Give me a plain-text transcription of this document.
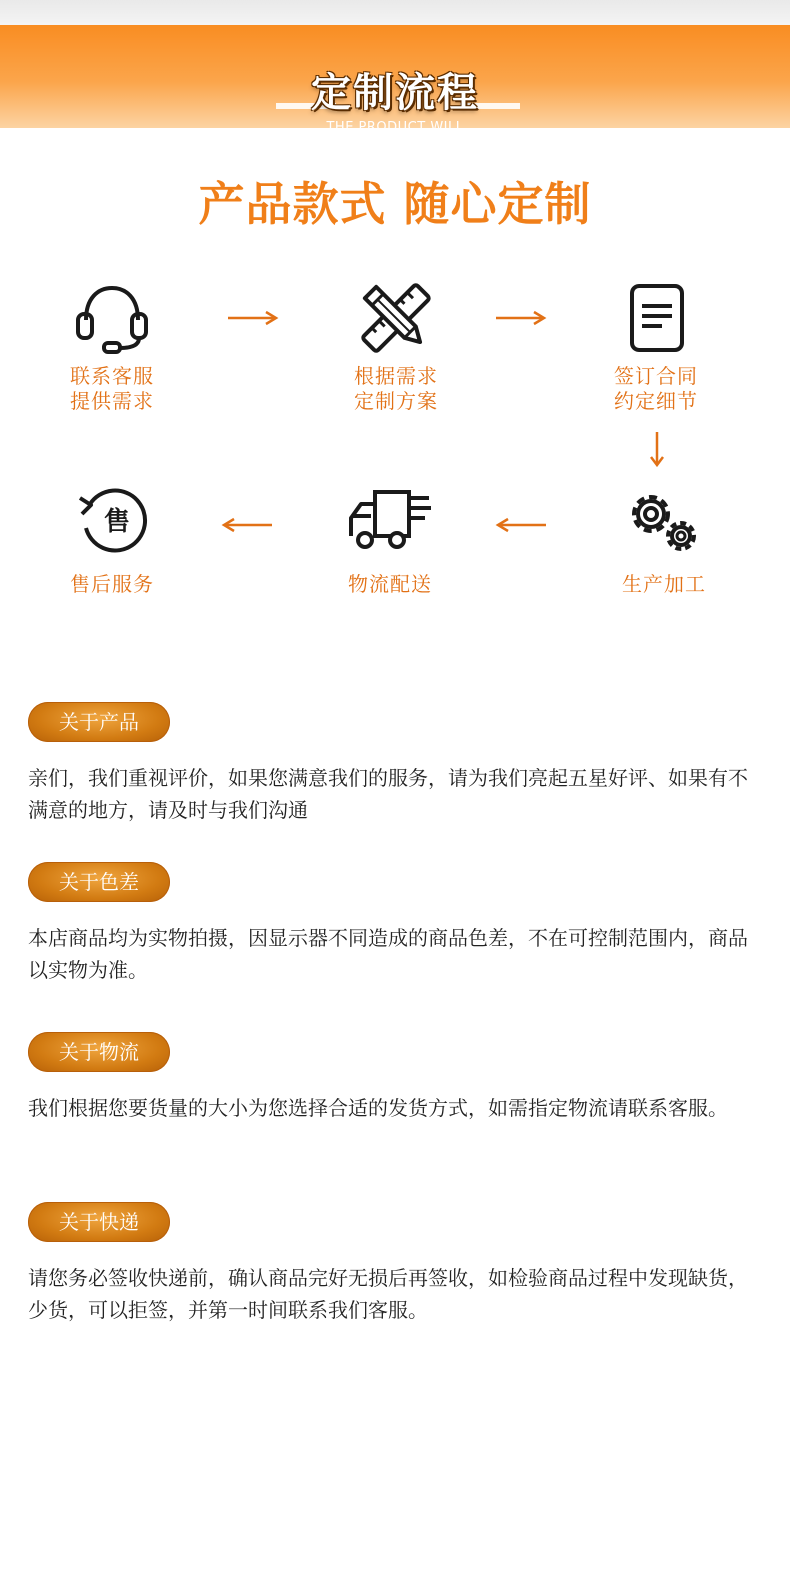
定制流程
THE PRODUCT WILL
产品款式 随心定制
联系客服
提供需求
根据需求
定制方案
签订合同
约定细节
售
售后服务	物流配送	生产加工
关于产品
亲们，我们重视评价，如果您满意我们的服务，请为我们亮起五星好评、如果有不满意的地方，请及时与我们沟通
关于色差
本店商品均为实物拍摄，因显示器不同造成的商品色差，不在可控制范围内，商品以实物为准。
关于物流
我们根据您要货量的大小为您选择合适的发货方式，如需指定物流请联系客服。
关于快递
请您务必签收快递前，确认商品完好无损后再签收，如检验商品过程中发现缺货，少货，可以拒签，并第一时间联系我们客服。
